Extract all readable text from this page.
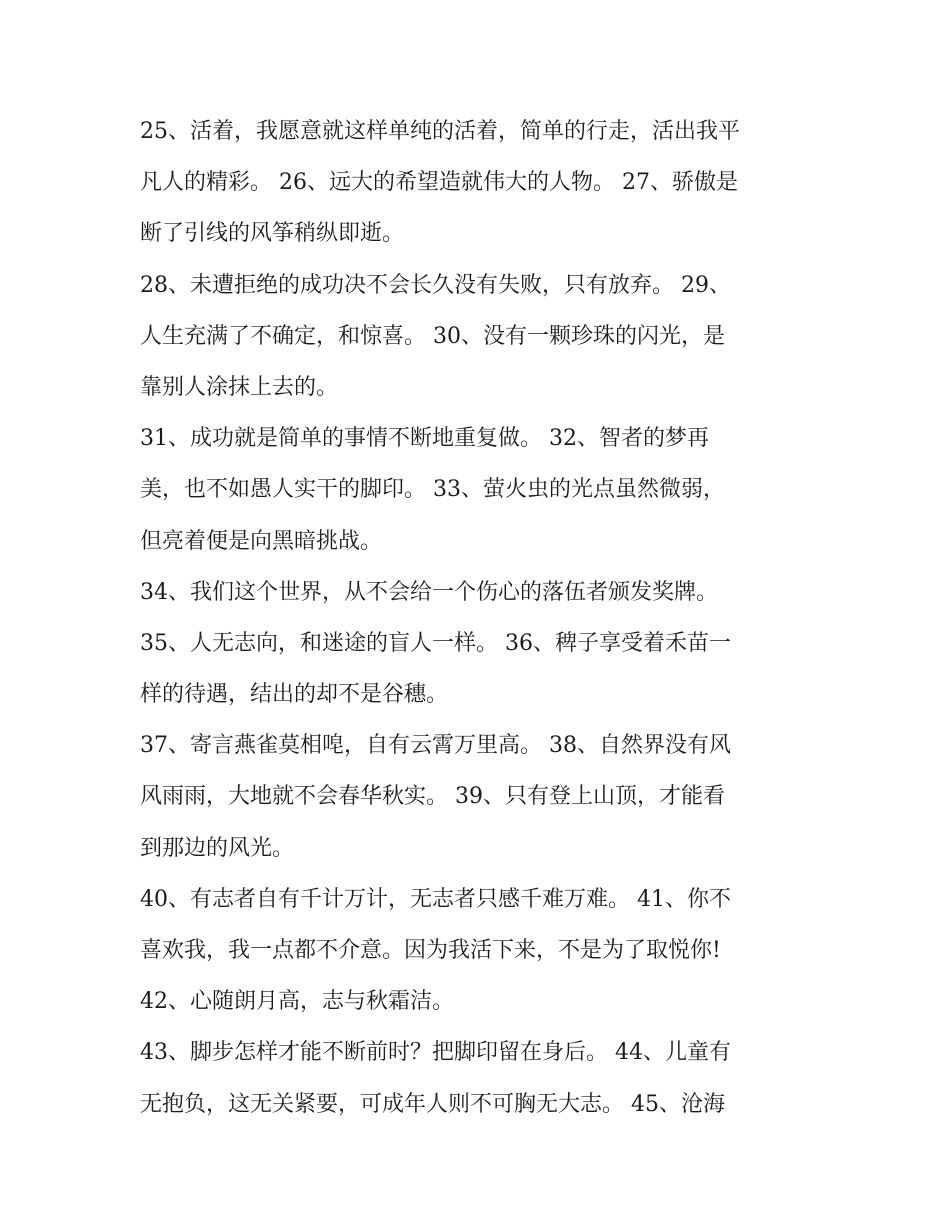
25、活着，我愿意就这样单纯的活着，简单的行走，活出我平
凡人的精彩。 26、远大的希望造就伟大的人物。 27、骄傲是
断了引线的风筝稍纵即逝。
28、未遭拒绝的成功决不会长久没有失败，只有放弃。 29、
人生充满了不确定，和惊喜。 30、没有一颗珍珠的闪光，是
靠别人涂抹上去的。
31、成功就是简单的事情不断地重复做。 32、智者的梦再
美，也不如愚人实干的脚印。 33、萤火虫的光点虽然微弱，
但亮着便是向黑暗挑战。
34、我们这个世界，从不会给一个伤心的落伍者颁发奖牌。
35、人无志向，和迷途的盲人一样。 36、稗子享受着禾苗一
样的待遇，结出的却不是谷穗。
37、寄言燕雀莫相唣，自有云霄万里高。 38、自然界没有风
风雨雨，大地就不会春华秋实。 39、只有登上山顶，才能看
到那边的风光。
40、有志者自有千计万计，无志者只感千难万难。 41、你不
喜欢我，我一点都不介意。因为我活下来，不是为了取悦你!
42、心随朗月高，志与秋霜洁。
43、脚步怎样才能不断前时？把脚印留在身后。 44、儿童有
无抱负，这无关紧要，可成年人则不可胸无大志。 45、沧海
